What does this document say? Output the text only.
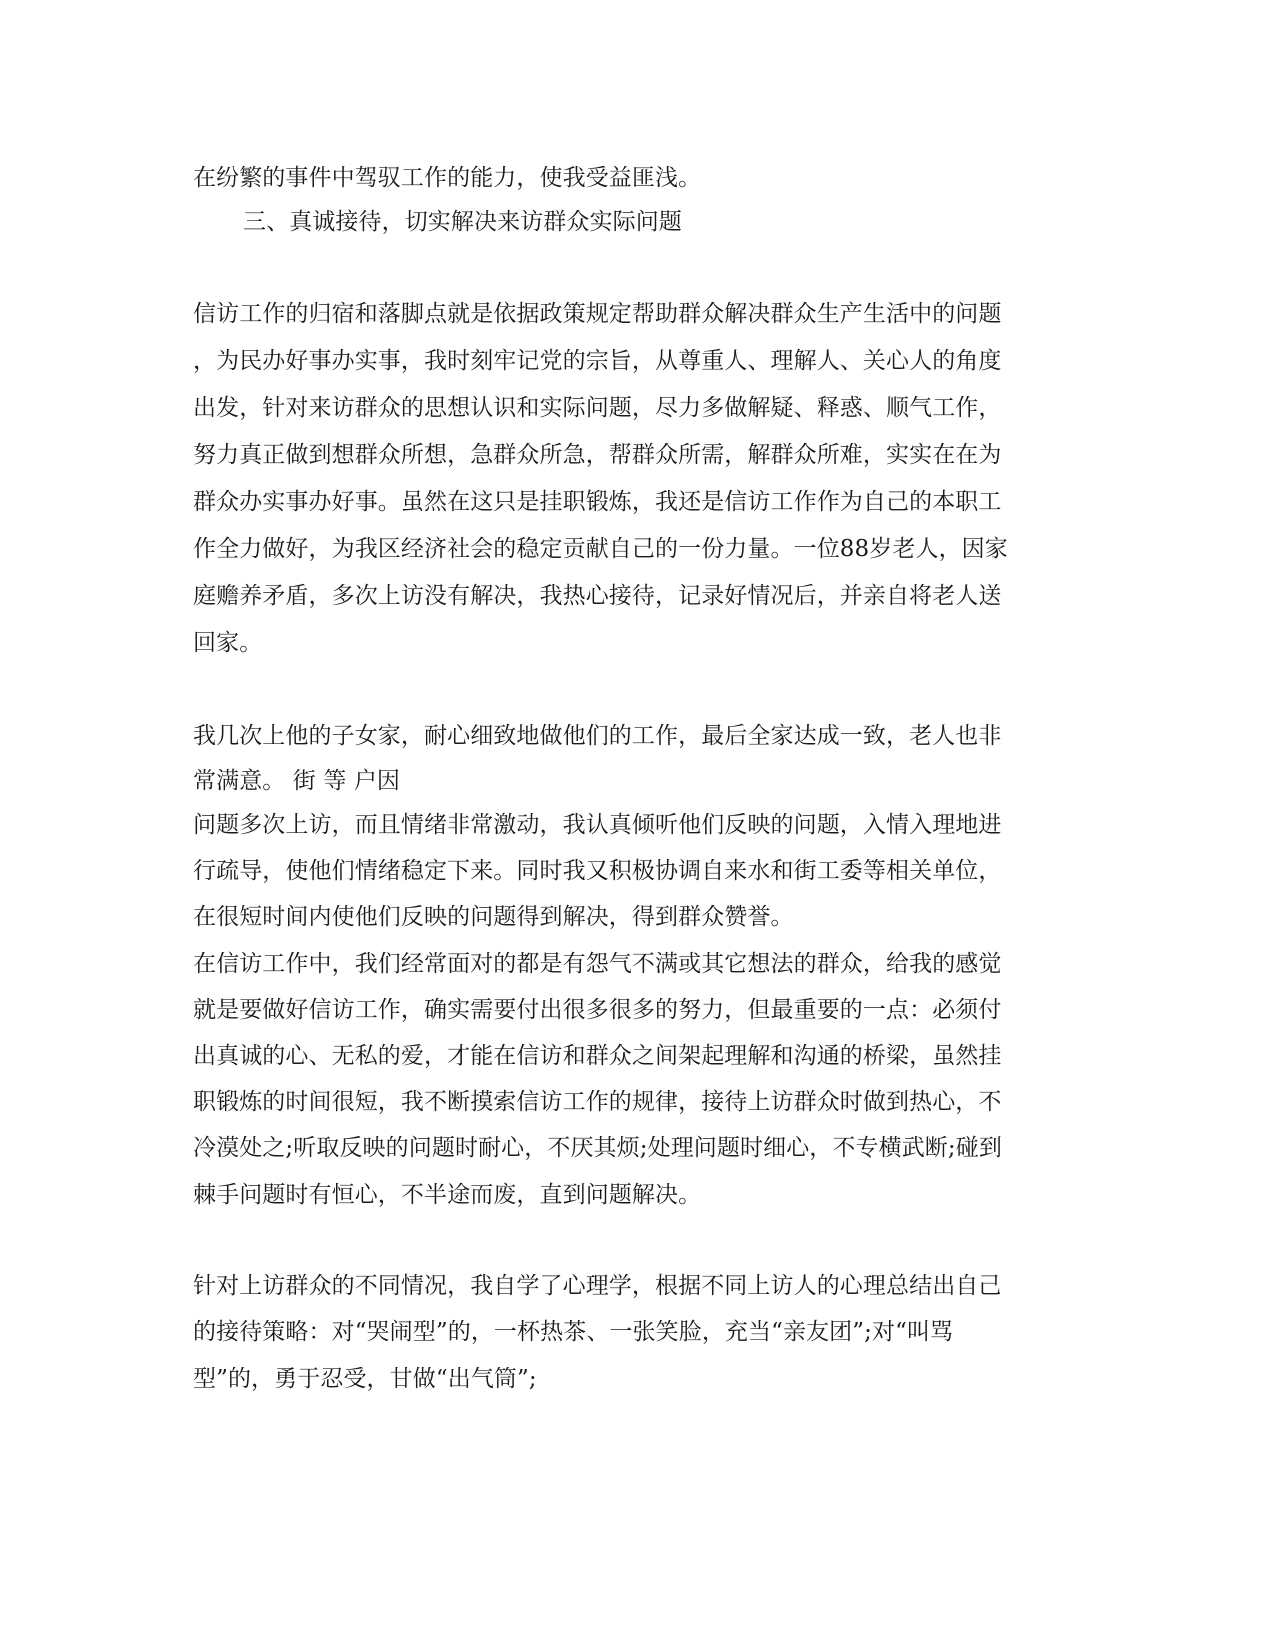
在纷繁的事件中驾驭工作的能力，使我受益匪浅。
三、真诚接待，切实解决来访群众实际问题
信访工作的归宿和落脚点就是依据政策规定帮助群众解决群众生产生活中的问题
，为民办好事办实事，我时刻牢记党的宗旨，从尊重人、理解人、关心人的角度
出发，针对来访群众的思想认识和实际问题，尽力多做解疑、释惑、顺气工作，
努力真正做到想群众所想，急群众所急，帮群众所需，解群众所难，实实在在为
群众办实事办好事。虽然在这只是挂职锻炼，我还是信访工作作为自己的本职工
作全力做好，为我区经济社会的稳定贡献自己的一份力量。一位88岁老人，因家
庭赡养矛盾，多次上访没有解决，我热心接待，记录好情况后，并亲自将老人送
回家。
我几次上他的子女家，耐心细致地做他们的工作，最后全家达成一致，老人也非
常满意。 街 等 户因
问题多次上访，而且情绪非常激动，我认真倾听他们反映的问题，入情入理地进
行疏导，使他们情绪稳定下来。同时我又积极协调自来水和街工委等相关单位，
在很短时间内使他们反映的问题得到解决，得到群众赞誉。
在信访工作中，我们经常面对的都是有怨气不满或其它想法的群众，给我的感觉
就是要做好信访工作，确实需要付出很多很多的努力，但最重要的一点：必须付
出真诚的心、无私的爱，才能在信访和群众之间架起理解和沟通的桥梁，虽然挂
职锻炼的时间很短，我不断摸索信访工作的规律，接待上访群众时做到热心，不
冷漠处之;听取反映的问题时耐心，不厌其烦;处理问题时细心，不专横武断;碰到
棘手问题时有恒心，不半途而废，直到问题解决。
针对上访群众的不同情况，我自学了心理学，根据不同上访人的心理总结出自己
的接待策略：对“哭闹型”的，一杯热茶、一张笑脸，充当“亲友团”;对“叫骂
型”的，勇于忍受，甘做“出气筒”;
